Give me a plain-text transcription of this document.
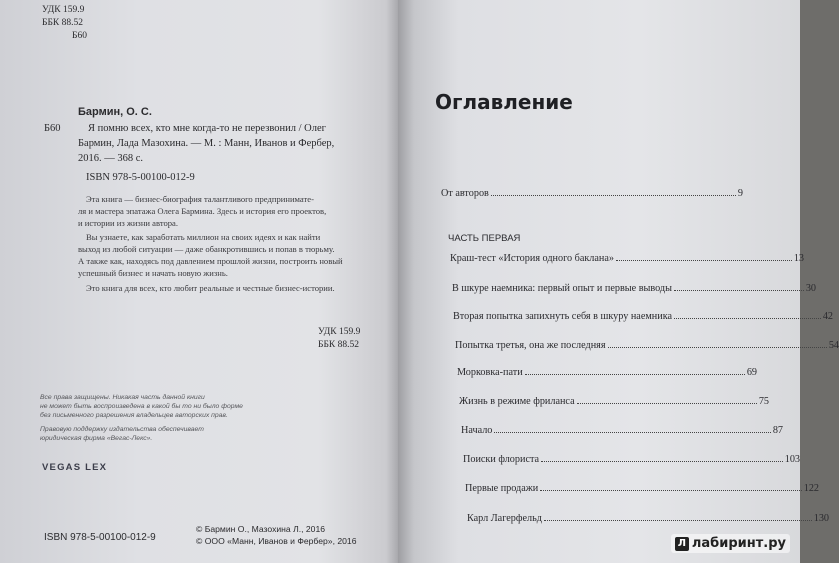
УДК 159.9
ББК 88.52
Б60
Бармин, О. С.
Б60	Я помню всех, кто мне когда-то не перезвонил / Олег
Бармин, Лада Мазохина. — М. : Манн, Иванов и Фербер,
2016. — 368 с.
ISBN 978-5-00100-012-9
Эта книга — бизнес-биография талантливого предпринимате-
ля и мастера эпатажа Олега Бармина. Здесь и история его проектов,
и истории из жизни автора.
Вы узнаете, как заработать миллион на своих идеях и как найти
выход из любой ситуации — даже обанкротившись и попав в тюрьму.
А также как, находясь под давлением прошлой жизни, построить новый
успешный бизнес и начать новую жизнь.
Это книга для всех, кто любит реальные и честные бизнес-истории.
УДК 159.9
ББК 88.52
Все права защищены. Никакая часть данной книги
не может быть воспроизведена в какой бы то ни было форме
без письменного разрешения владельцев авторских прав.
Правовую поддержку издательства обеспечивает
юридическая фирма «Вегас-Лекс».
VEGAS LEX
ISBN 978-5-00100-012-9
© Бармин О., Мазохина Л., 2016
© ООО «Манн, Иванов и Фербер», 2016

Оглавление
От авторов	9
ЧАСТЬ ПЕРВАЯ
Краш-тест «История одного баклана»	13
В шкуре наемника: первый опыт и первые выводы	30
Вторая попытка запихнуть себя в шкуру наемника	42
Попытка третья, она же последняя	54
Морковка-пати	69
Жизнь в режиме фриланса	75
Начало	87
Поиски флориста	103
Первые продажи	122
Карл Лагерфельд	130
Л лабиринт.ру
